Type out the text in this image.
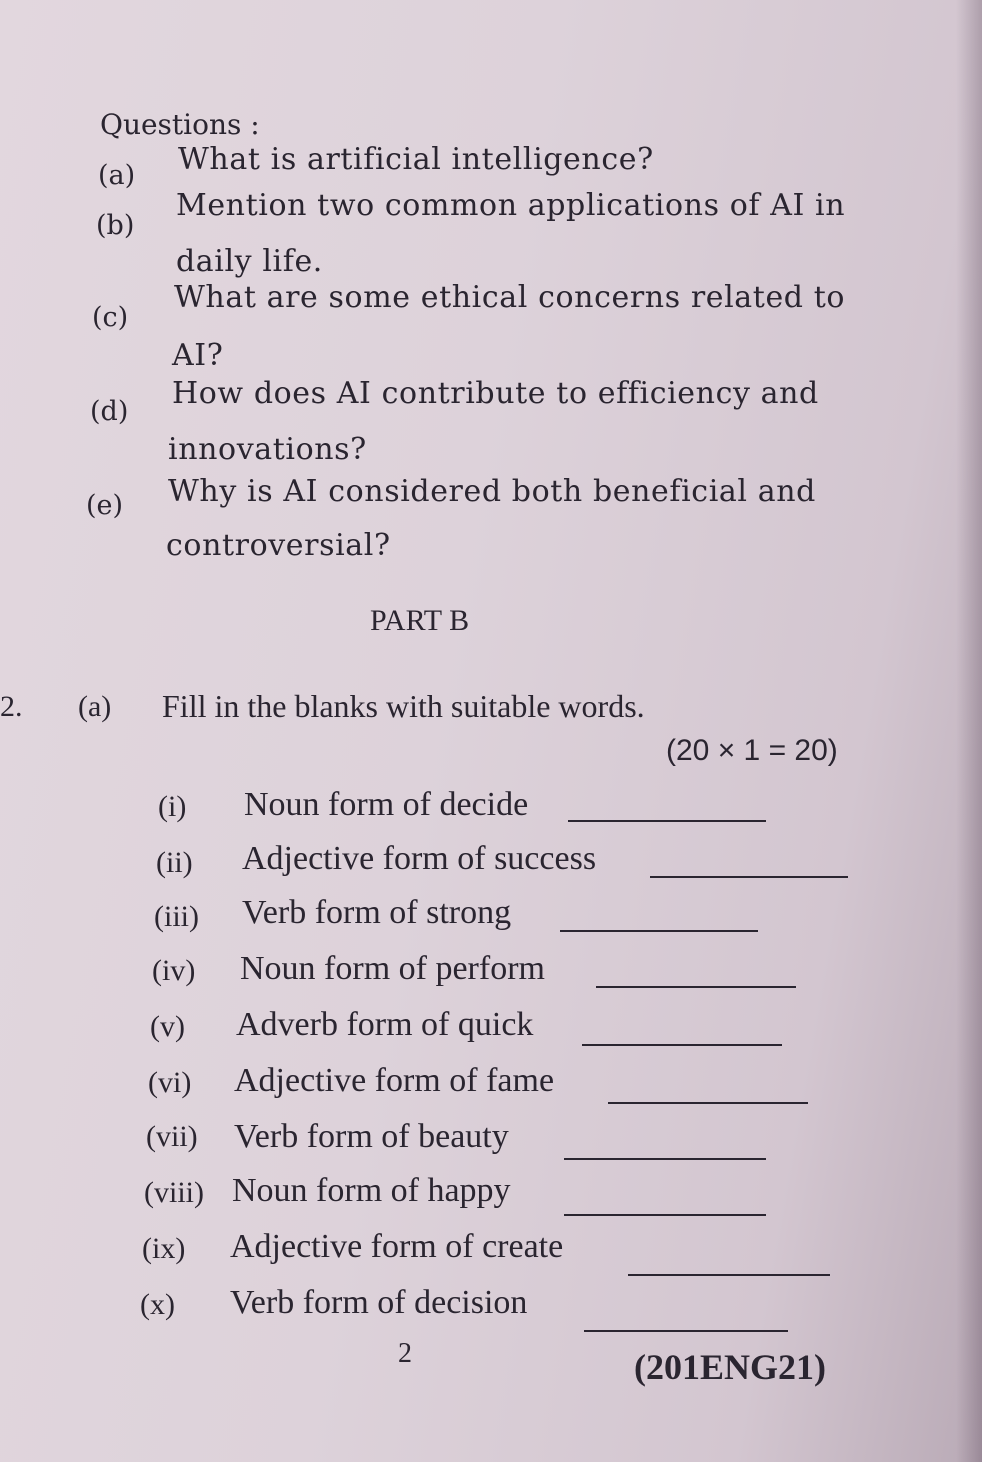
Questions :
(a) What is artificial intelligence?
(b)
Mention two common applications of AI in
daily life.
(c)
What are some ethical concerns related to
AI?
(d)
How does AI contribute to efficiency and
innovations?
(e) Why is AI considered both beneficial and
controversial?
PART B
2. (a) Fill in the blanks with suitable words.
(20 × 1 = 20)
(i) Noun form of decide
(ii) Adjective form of success
(iii) Verb form of strong
(iv) Noun form of perform
(v) Adverb form of quick
(vi) Adjective form of fame
(vii) Verb form of beauty
(viii) Noun form of happy
(ix) Adjective form of create
(x) Verb form of decision
2	(201ENG21)
